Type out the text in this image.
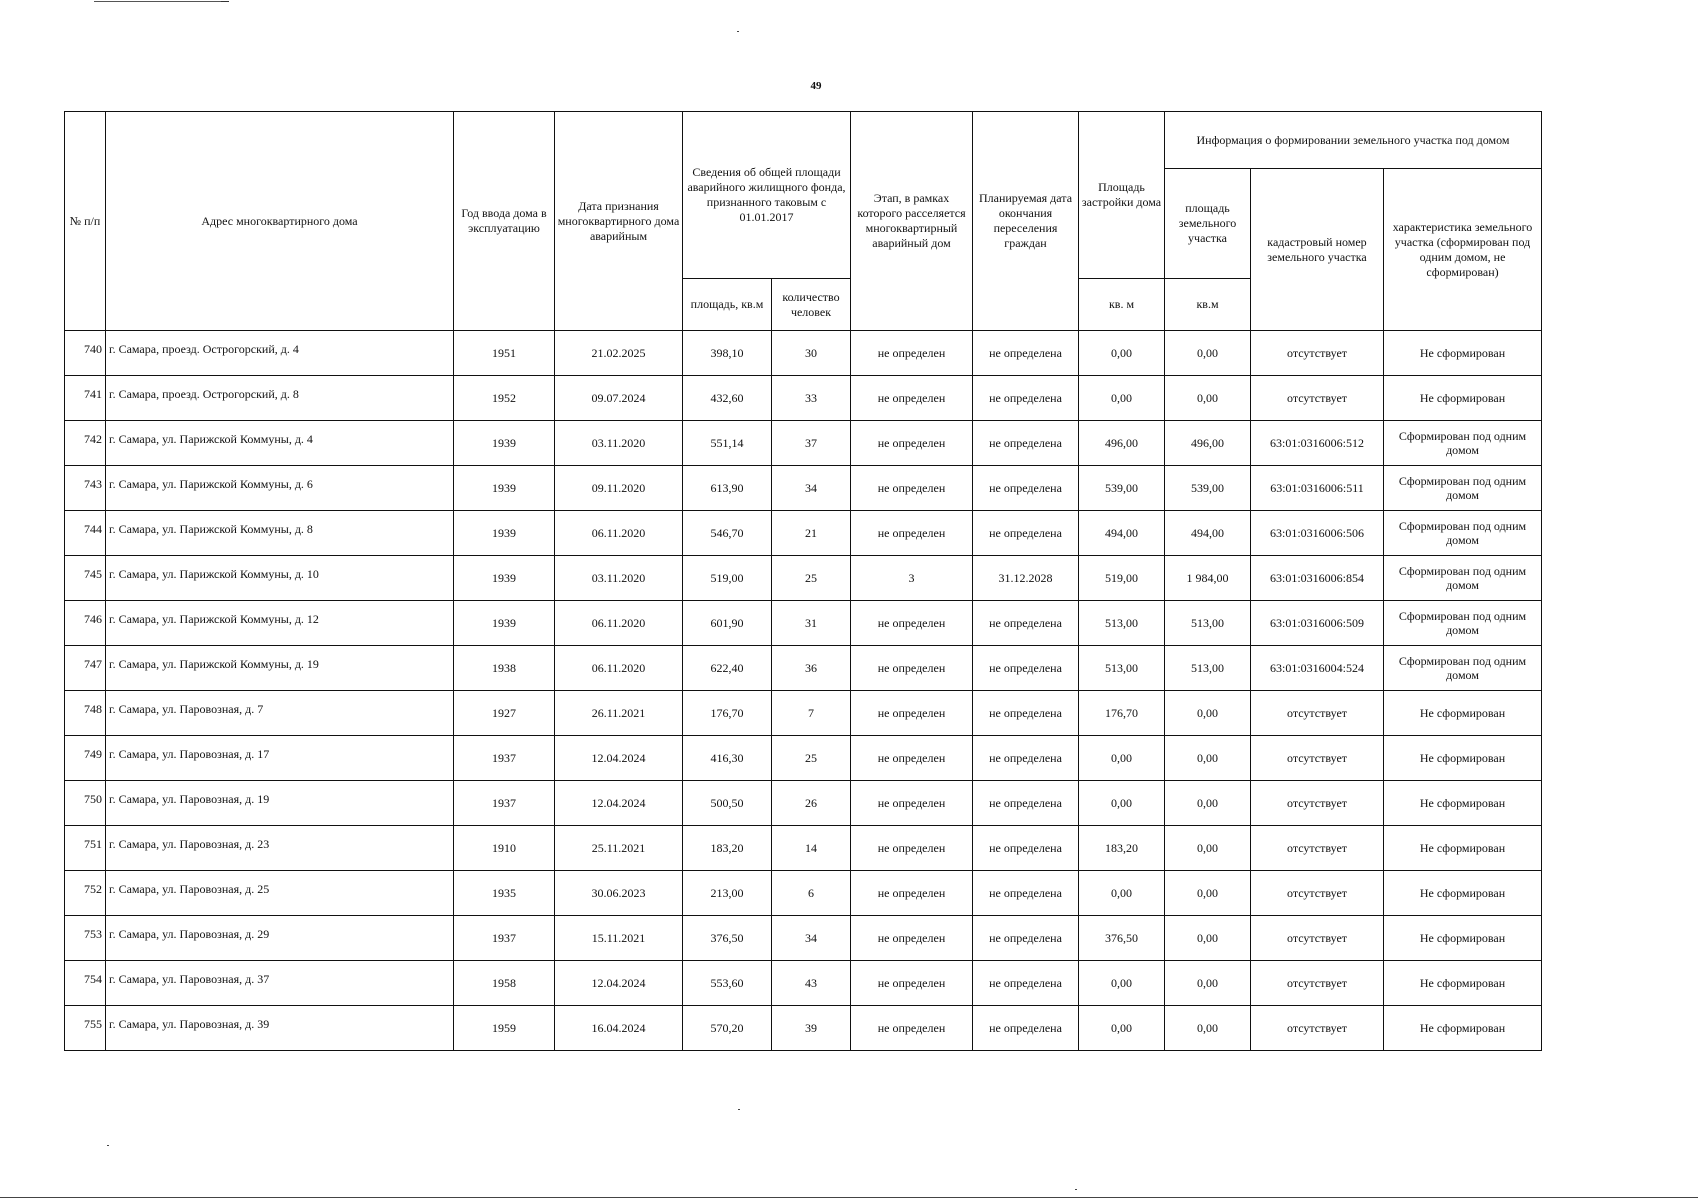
49
№ п/п	Адрес многоквартирного дома	Год ввода дома в эксплуатацию	Дата признания многоквартирного дома аварийным	Сведения об общей площади аварийного жилищного фонда, признанного таковым с 01.01.2017		Этап, в рамках которого расселяется многоквартирный аварийный дом	Планируемая дата окончания переселения граждан	Площадь застройки дома	Информация о формировании земельного участка под домом		
									площадь земельного участка	кадастровый номер земельного участка	характеристика земельного участка (сформирован под одним домом, не сформирован)
				площадь, кв.м	количество человек			кв. м	кв.м		
740	г. Самара, проезд. Острогорский, д. 4	1951	21.02.2025	398,10	30	не определен	не определена	0,00	0,00	отсутствует	Не сформирован
741	г. Самара, проезд. Острогорский, д. 8	1952	09.07.2024	432,60	33	не определен	не определена	0,00	0,00	отсутствует	Не сформирован
742	г. Самара, ул. Парижской Коммуны, д. 4	1939	03.11.2020	551,14	37	не определен	не определена	496,00	496,00	63:01:0316006:512	Сформирован под одним домом
743	г. Самара, ул. Парижской Коммуны, д. 6	1939	09.11.2020	613,90	34	не определен	не определена	539,00	539,00	63:01:0316006:511	Сформирован под одним домом
744	г. Самара, ул. Парижской Коммуны, д. 8	1939	06.11.2020	546,70	21	не определен	не определена	494,00	494,00	63:01:0316006:506	Сформирован под одним домом
745	г. Самара, ул. Парижской Коммуны, д. 10	1939	03.11.2020	519,00	25	3	31.12.2028	519,00	1 984,00	63:01:0316006:854	Сформирован под одним домом
746	г. Самара, ул. Парижской Коммуны, д. 12	1939	06.11.2020	601,90	31	не определен	не определена	513,00	513,00	63:01:0316006:509	Сформирован под одним домом
747	г. Самара, ул. Парижской Коммуны, д. 19	1938	06.11.2020	622,40	36	не определен	не определена	513,00	513,00	63:01:0316004:524	Сформирован под одним домом
748	г. Самара, ул. Паровозная, д. 7	1927	26.11.2021	176,70	7	не определен	не определена	176,70	0,00	отсутствует	Не сформирован
749	г. Самара, ул. Паровозная, д. 17	1937	12.04.2024	416,30	25	не определен	не определена	0,00	0,00	отсутствует	Не сформирован
750	г. Самара, ул. Паровозная, д. 19	1937	12.04.2024	500,50	26	не определен	не определена	0,00	0,00	отсутствует	Не сформирован
751	г. Самара, ул. Паровозная, д. 23	1910	25.11.2021	183,20	14	не определен	не определена	183,20	0,00	отсутствует	Не сформирован
752	г. Самара, ул. Паровозная, д. 25	1935	30.06.2023	213,00	6	не определен	не определена	0,00	0,00	отсутствует	Не сформирован
753	г. Самара, ул. Паровозная, д. 29	1937	15.11.2021	376,50	34	не определен	не определена	376,50	0,00	отсутствует	Не сформирован
754	г. Самара, ул. Паровозная, д. 37	1958	12.04.2024	553,60	43	не определен	не определена	0,00	0,00	отсутствует	Не сформирован
755	г. Самара, ул. Паровозная, д. 39	1959	16.04.2024	570,20	39	не определен	не определена	0,00	0,00	отсутствует	Не сформирован
